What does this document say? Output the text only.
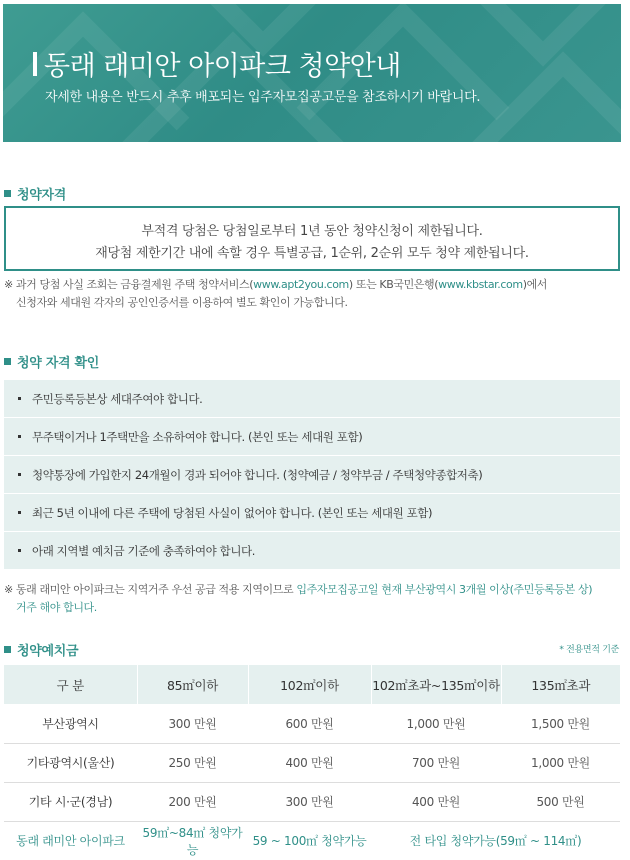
동래 래미안 아이파크 청약안내
자세한 내용은 반드시 추후 배포되는 입주자모집공고문을 참조하시기 바랍니다.
청약자격
부적격 당첨은 당첨일로부터 1년 동안 청약신청이 제한됩니다.
재당첨 제한기간 내에 속할 경우 특별공급, 1순위, 2순위 모두 청약 제한됩니다.
※ 과거 당첨 사실 조회는 금융결제원 주택 청약서비스(www.apt2you.com) 또는 KB국민은행(www.kbstar.com)에서
신청자와 세대원 각자의 공인인증서를 이용하여 별도 확인이 가능합니다.
청약 자격 확인
주민등록등본상 세대주여야 합니다.
무주택이거나 1주택만을 소유하여야 합니다. (본인 또는 세대원 포함)
청약통장에 가입한지 24개월이 경과 되어야 합니다. (청약예금 / 청약부금 / 주택청약종합저축)
최근 5년 이내에 다른 주택에 당첨된 사실이 없어야 합니다. (본인 또는 세대원 포함)
아래 지역별 예치금 기준에 충족하여야 합니다.
※ 동래 래미안 아이파크는 지역거주 우선 공급 적용 지역이므로 입주자모집공고일 현재 부산광역시 3개월 이상(주민등록등본 상)
거주 해야 합니다.
청약예치금	* 전용면적 기준
구 분	85㎡이하	102㎡이하	102㎡초과~135㎡이하	135㎡초과
부산광역시	300 만원	600 만원	1,000 만원	1,500 만원
기타광역시(울산)	250 만원	400 만원	700 만원	1,000 만원
기타 시·군(경남)	200 만원	300 만원	400 만원	500 만원
동래 래미안 아이파크	59㎡~84㎡ 청약가능	59 ~ 100㎡ 청약가능	전 타입 청약가능(59㎡ ~ 114㎡)	
